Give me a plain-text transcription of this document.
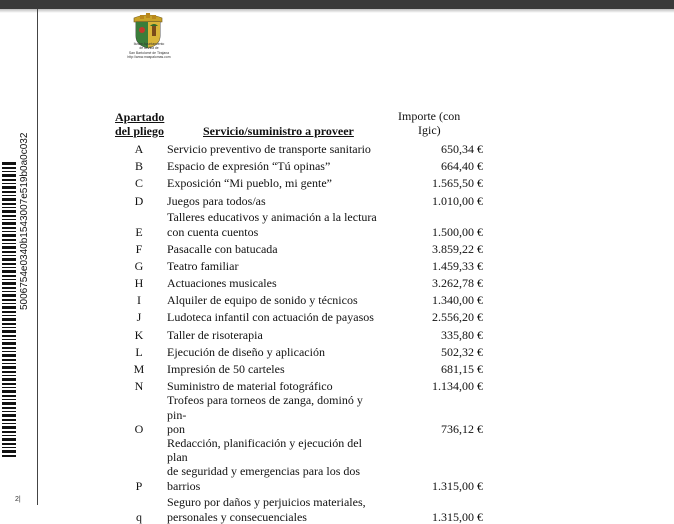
5006754e0340b1543007e519b0a0c032
2|
Ilustre Ayuntamiento
de la Villa de
San Bartolomé de Tirajana
http://www.maspalomas.com
Apartado
del pliego	Servicio/suministro a proveer
Importe (con
Igic)
A	Servicio preventivo de transporte sanitario	650,34 €
B	Espacio de expresión “Tú opinas”	664,40 €
C	Exposición “Mi pueblo, mi gente”	1.565,50 €
D	Juegos para todos/as	1.010,00 €
E	Talleres educativos y animación a la lectura
con cuenta cuentos	1.500,00 €
F	Pasacalle con batucada	3.859,22 €
G	Teatro familiar	1.459,33 €
H	Actuaciones musicales	3.262,78 €
I	Alquiler de equipo de sonido y técnicos	1.340,00 €
J	Ludoteca infantil con actuación de payasos	2.556,20 €
K	Taller de risoterapia	335,80 €
L	Ejecución de diseño y aplicación	502,32 €
M	Impresión de 50 carteles	681,15 €
N	Suministro de material fotográfico	1.134,00 €
O	Trofeos para torneos de zanga, dominó y pin-
pon	736,12 €
P	Redacción, planificación y ejecución del plan
de seguridad y emergencias para los dos
barrios	1.315,00 €
q	Seguro por daños y perjuicios materiales,
personales y consecuenciales	1.315,00 €
